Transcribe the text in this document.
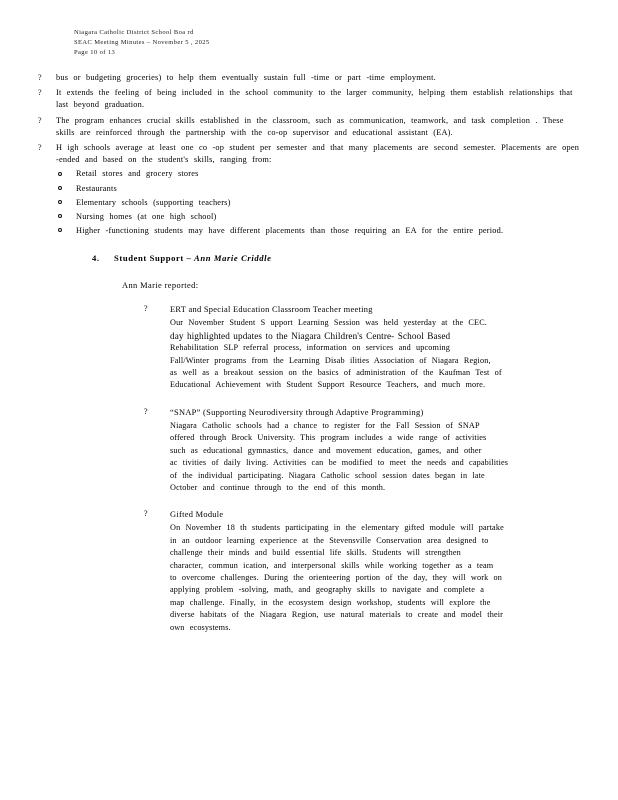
Niagara Catholic District School Boa rd
SEAC Meeting Minutes – November 5 , 2025
Page 10 of 13
? bus or budgeting groceries) to help them eventually sustain full -time or part -time employment.
? It extends the feeling of being included in the school community to the larger community, helping them establish relationships that last beyond graduation.
? The program enhances crucial skills established in the classroom, such as communication, teamwork, and task completion . These skills are reinforced through the partnership with the co-op supervisor and educational assistant (EA).
? H igh schools average at least one co -op student per semester and that many placements are second semester. Placements are open -ended and based on the student's skills, ranging from:
Retail stores and grocery stores
Restaurants
Elementary schools (supporting teachers)
Nursing homes (at one high school)
Higher -functioning students may have different placements than those requiring an EA for the entire period.
4. Student Support – Ann Marie Criddle
Ann Marie reported:
?	ERT and Special Education Classroom Teacher meeting
Our November Student S upport Learning Session was held yesterday at the CEC.
day highlighted updates to the Niagara Children's Centre- School Based
Rehabilitation SLP referral process, information on services and upcoming
Fall/Winter programs from the Learning Disab ilities Association of Niagara Region,
as well as a breakout session on the basics of administration of the Kaufman Test of
Educational Achievement with Student Support Resource Teachers, and much more.
?	“SNAP” (Supporting Neurodiversity through Adaptive Programming)
Niagara Catholic schools had a chance to register for the Fall Session of SNAP
offered through Brock University. This program includes a wide range of activities
such as educational gymnastics, dance and movement education, games, and other
ac tivities of daily living. Activities can be modified to meet the needs and capabilities
of the individual participating. Niagara Catholic school session dates began in late
October and continue through to the end of this month.
?	Gifted Module
On November 18 th students participating in the elementary gifted module will partake
in an outdoor learning experience at the Stevensville Conservation area designed to
challenge their minds and build essential life skills. Students will strengthen
character, commun ication, and interpersonal skills while working together as a team
to overcome challenges. During the orienteering portion of the day, they will work on
applying problem -solving, math, and geography skills to navigate and complete a
map challenge. Finally, in the ecosystem design workshop, students will explore the
diverse habitats of the Niagara Region, use natural materials to create and model their
own ecosystems.
